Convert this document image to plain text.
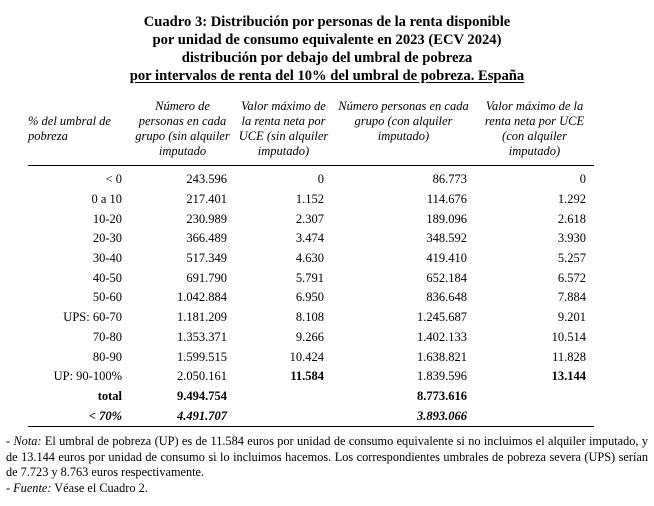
Cuadro 3: Distribución por personas de la renta disponible
por unidad de consumo equivalente en 2023 (ECV 2024)
distribución por debajo del umbral de pobreza
por intervalos de renta del 10% del umbral de pobreza. España
% del umbral de pobreza	Número de personas en cada grupo (sin alquiler imputado	Valor máximo de la renta neta por UCE (sin alquiler imputado)	Número personas en cada grupo (con alquiler imputado)	Valor máximo de la renta neta por UCE (con alquiler imputado)
< 0	243.596	0	86.773	0
0 a 10	217.401	1.152	114.676	1.292
10-20	230.989	2.307	189.096	2.618
20-30	366.489	3.474	348.592	3.930
30-40	517.349	4.630	419.410	5.257
40-50	691.790	5.791	652.184	6.572
50-60	1.042.884	6.950	836.648	7.884
UPS: 60-70	1.181.209	8.108	1.245.687	9.201
70-80	1.353.371	9.266	1.402.133	10.514
80-90	1.599.515	10.424	1.638.821	11.828
UP: 90-100%	2.050.161	11.584	1.839.596	13.144
total	9.494.754		8.773.616	
< 70%	4.491.707		3.893.066	
- Nota: El umbral de pobreza (UP) es de 11.584 euros por unidad de consumo equivalente si no incluimos el alquiler imputado, y de 13.144 euros por unidad de consumo si lo incluimos hacemos. Los correspondientes umbrales de pobreza severa (UPS) serían de 7.723 y 8.763 euros respectivamente.
- Fuente: Véase el Cuadro 2.
